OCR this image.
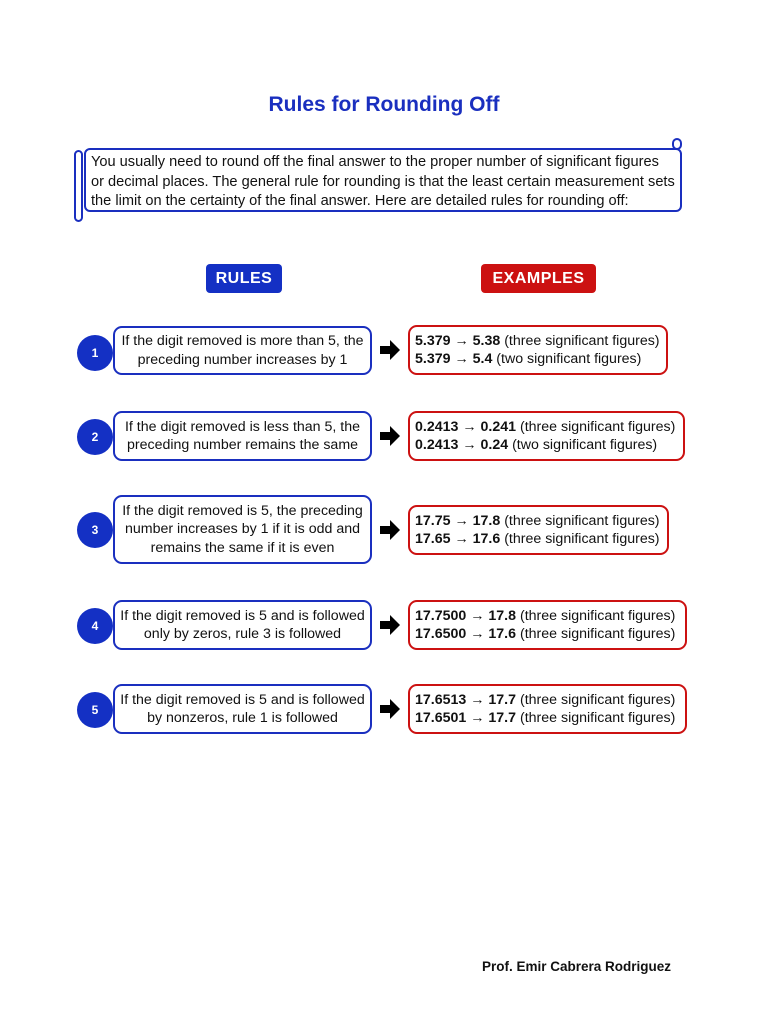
Rules for Rounding Off
You usually need to round off the final answer to the proper number of significant figures or decimal places. The general rule for rounding is that the least certain measurement sets the limit on the certainty of the final answer. Here are detailed rules for rounding off:
RULES	EXAMPLES
1
If the digit removed is more than 5, the preceding number increases by 1
5.379 → 5.38 (three significant figures)
5.379 → 5.4 (two significant figures)
2
If the digit removed is less than 5, the preceding number remains the same
0.2413 → 0.241 (three significant figures)
0.2413 → 0.24 (two significant figures)
3
If the digit removed is 5, the preceding number increases by 1 if it is odd and remains the same if it is even
17.75 → 17.8 (three significant figures)
17.65 → 17.6 (three significant figures)
4
If the digit removed is 5 and is followed only by zeros, rule 3 is followed
17.7500 → 17.8 (three significant figures)
17.6500 → 17.6 (three significant figures)
5
If the digit removed is 5 and is followed by nonzeros, rule 1 is followed
17.6513 → 17.7 (three significant figures)
17.6501 → 17.7 (three significant figures)
Prof. Emir Cabrera Rodriguez
